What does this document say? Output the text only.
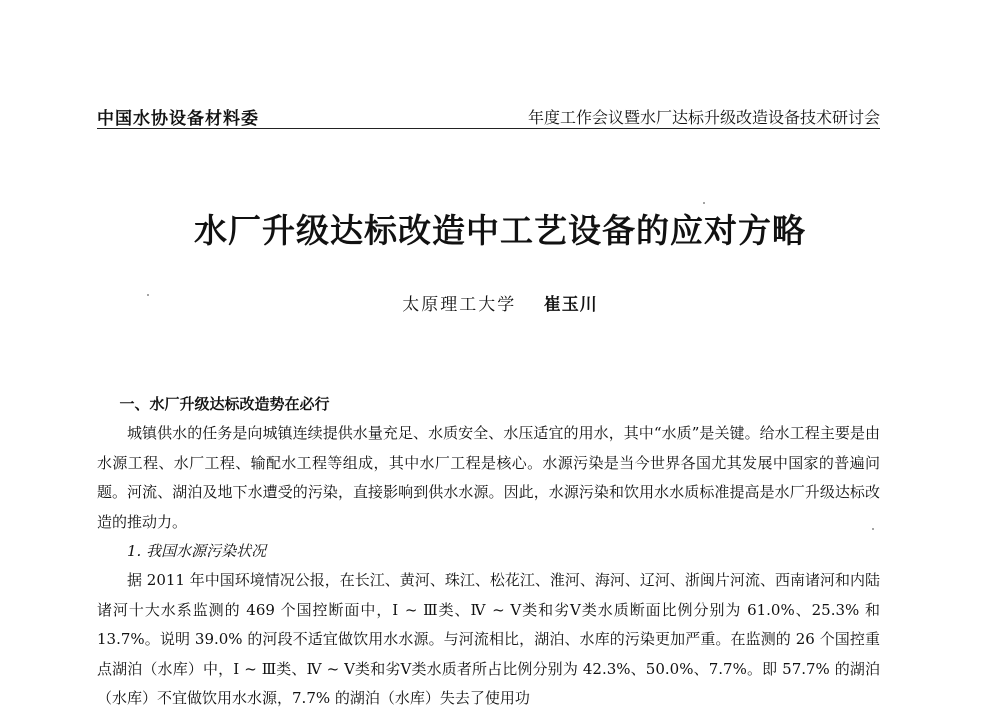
中国水协设备材料委	年度工作会议暨水厂达标升级改造设备技术研讨会
水厂升级达标改造中工艺设备的应对方略
太原理工大学 崔玉川

一、水厂升级达标改造势在必行

城镇供水的任务是向城镇连续提供水量充足、水质安全、水压适宜的用水，其中“水质”是关键。给水工程主要是由水源工程、水厂工程、输配水工程等组成，其中水厂工程是核心。水源污染是当今世界各国尤其发展中国家的普遍问题。河流、湖泊及地下水遭受的污染，直接影响到供水水源。因此，水源污染和饮用水水质标准提高是水厂升级达标改造的推动力。

1. 我国水源污染状况

据 2011 年中国环境情况公报，在长江、黄河、珠江、松花江、淮河、海河、辽河、浙闽片河流、西南诸河和内陆诸河十大水系监测的 469 个国控断面中，Ⅰ ~ Ⅲ类、Ⅳ ~ Ⅴ类和劣Ⅴ类水质断面比例分别为 61.0%、25.3% 和 13.7%。说明 39.0% 的河段不适宜做饮用水水源。与河流相比，湖泊、水库的污染更加严重。在监测的 26 个国控重点湖泊（水库）中，Ⅰ ~ Ⅲ类、Ⅳ ~ Ⅴ类和劣Ⅴ类水质者所占比例分别为 42.3%、50.0%、7.7%。即 57.7% 的湖泊（水库）不宜做饮用水水源，7.7% 的湖泊（水库）失去了使用功
